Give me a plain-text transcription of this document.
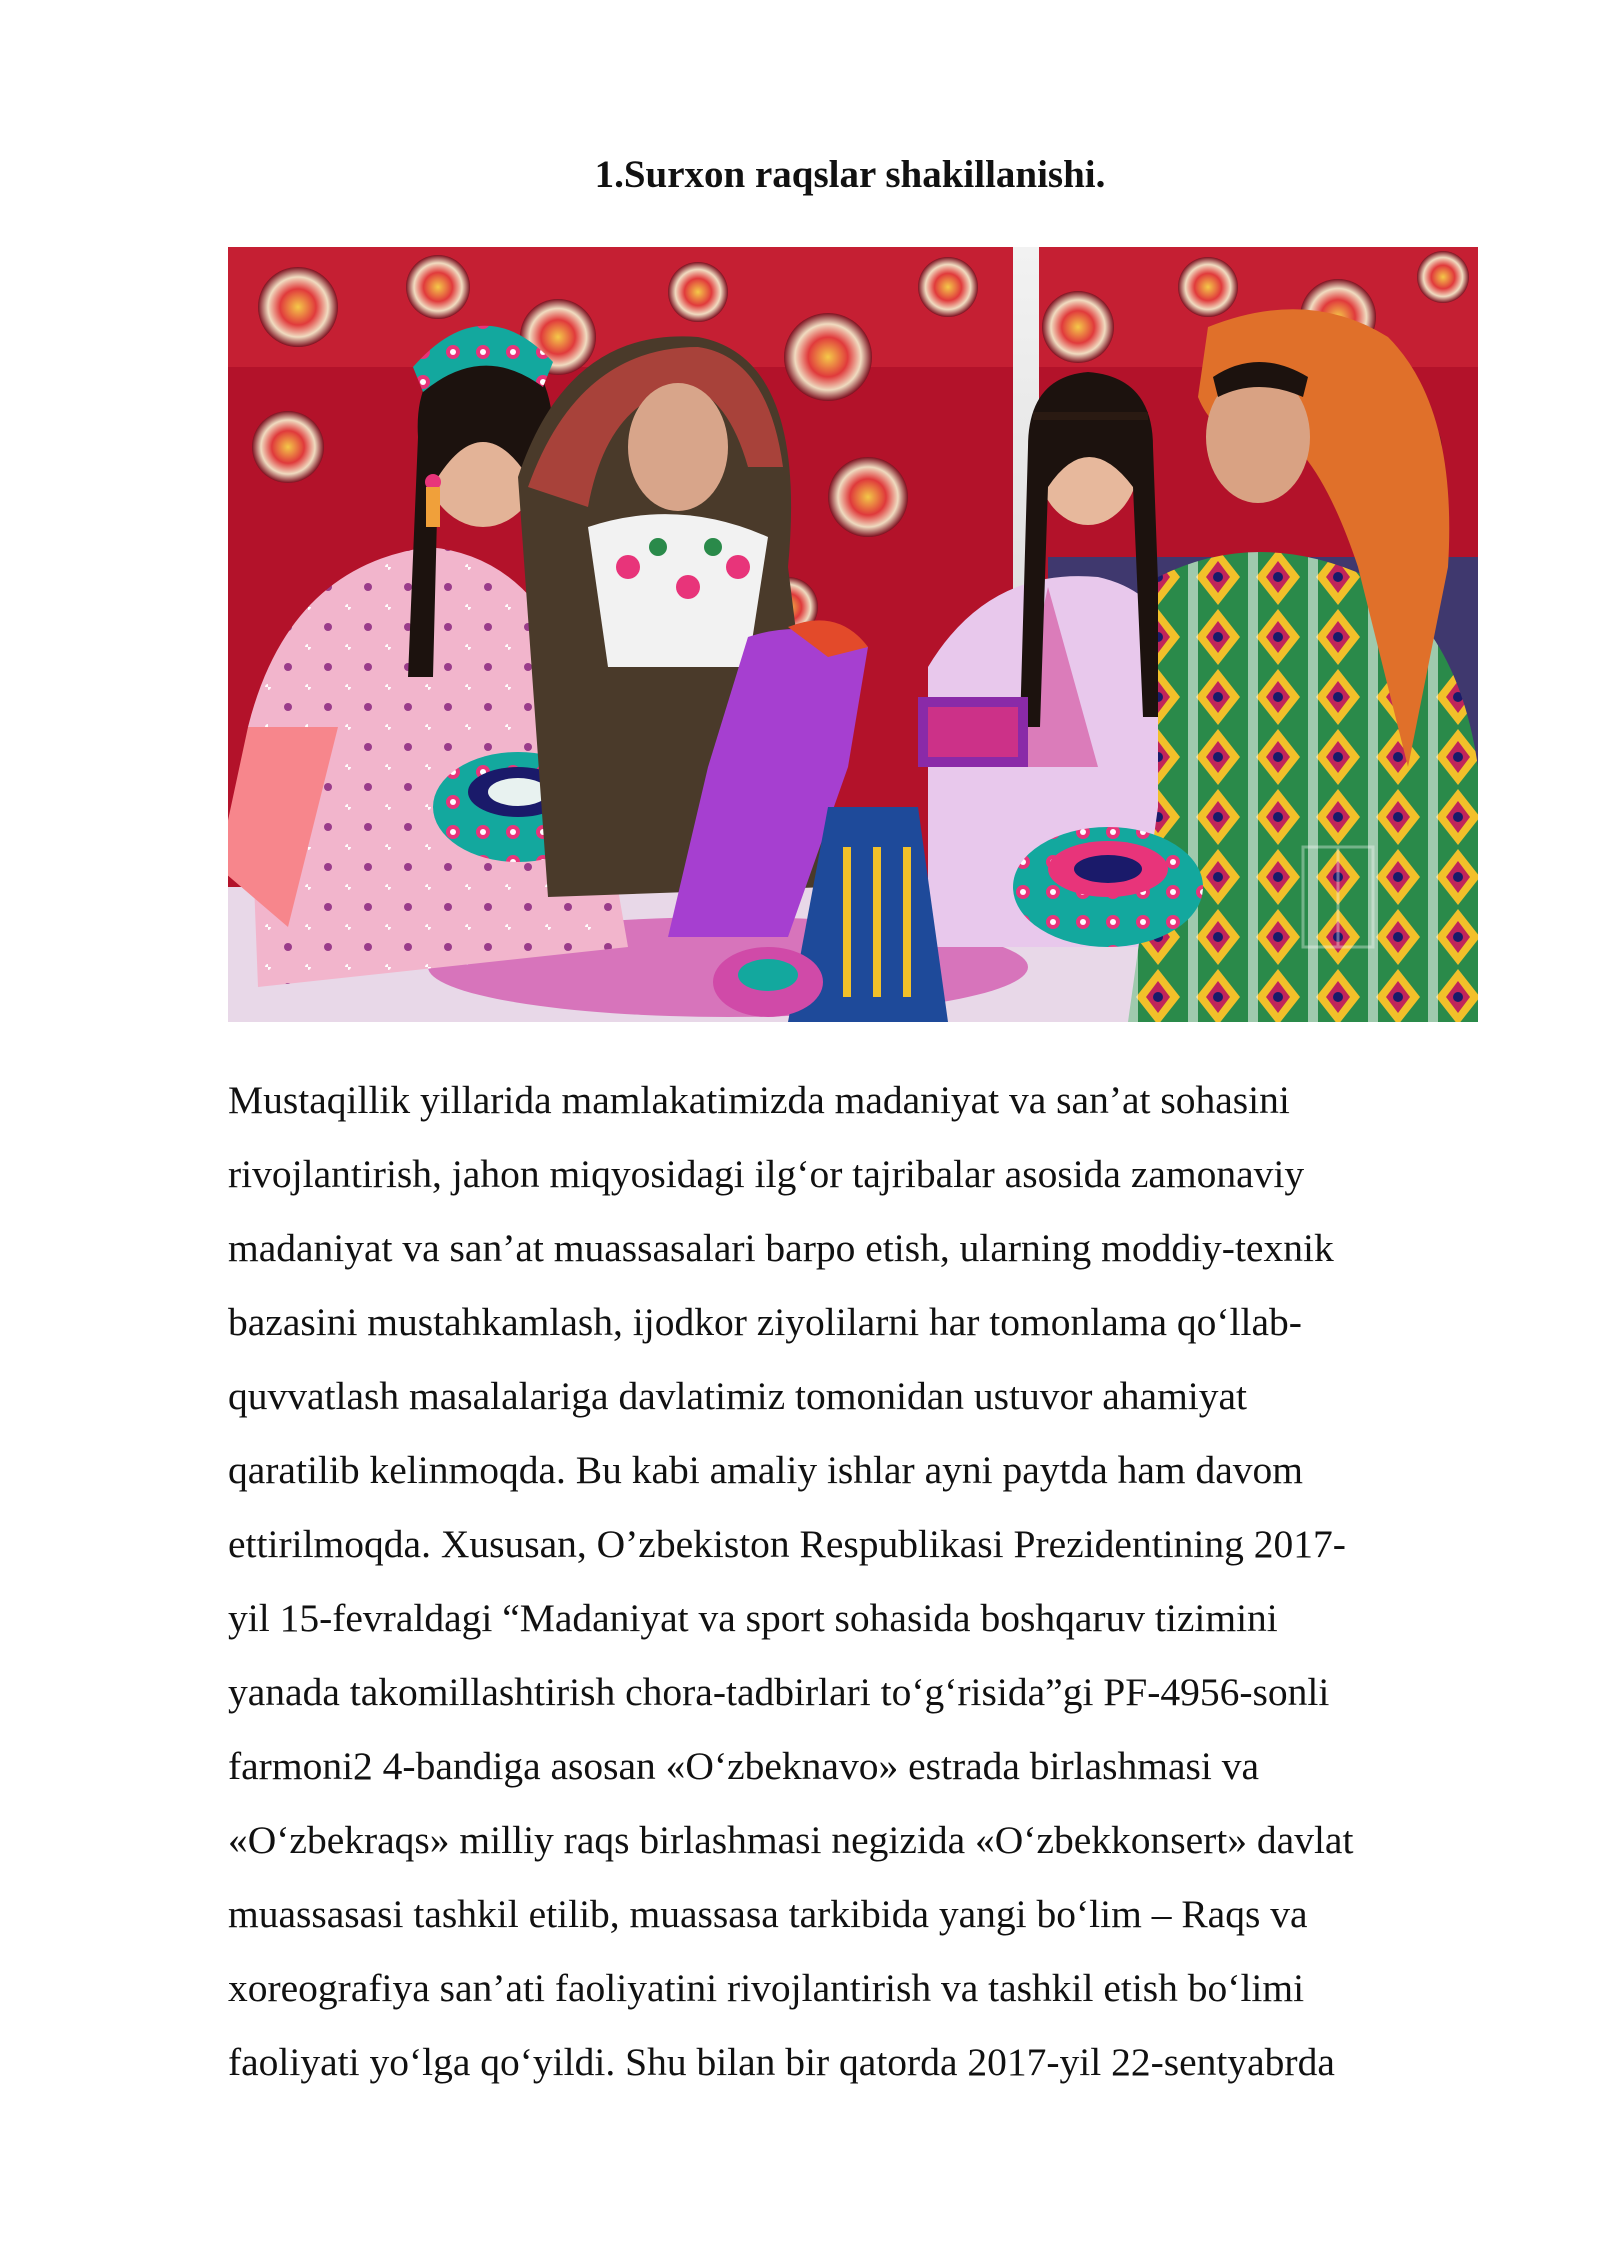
1.Surxon raqslar shakillanishi.
Mustaqillik yillarida mamlakatimizda madaniyat va san’at sohasini
rivojlantirish, jahon miqyosidagi ilg‘or tajribalar asosida zamonaviy
madaniyat va san’at muassasalari barpo etish, ularning moddiy-texnik
bazasini mustahkamlash, ijodkor ziyolilarni har tomonlama qo‘llab-
quvvatlash masalalariga davlatimiz tomonidan ustuvor ahamiyat
qaratilib kelinmoqda. Bu kabi amaliy ishlar ayni paytda ham davom
ettirilmoqda. Xususan, O’zbekiston Respublikasi Prezidentining 2017-
yil 15-fevraldagi “Madaniyat va sport sohasida boshqaruv tizimini
yanada takomillashtirish chora-tadbirlari to‘g‘risida”gi PF-4956-sonli
farmoni2 4-bandiga asosan «O‘zbeknavo» estrada birlashmasi va
«O‘zbekraqs» milliy raqs birlashmasi negizida «O‘zbekkonsert» davlat
muassasasi tashkil etilib, muassasa tarkibida yangi bo‘lim – Raqs va
xoreografiya san’ati faoliyatini rivojlantirish va tashkil etish bo‘limi
faoliyati yo‘lga qo‘yildi. Shu bilan bir qatorda 2017-yil 22-sentyabrda
